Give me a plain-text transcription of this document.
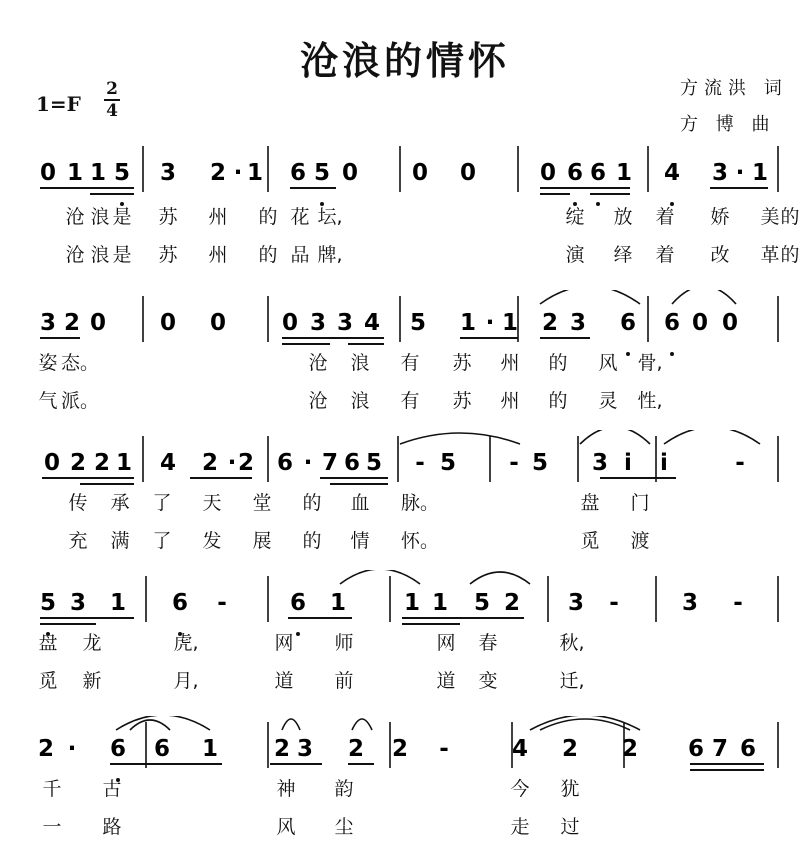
沧浪的情怀
方流洪 词
方 博 曲
1=F
2
4
0 1 1 5 3 2 · 1 6 5 0 0 0	0 6 6 1 4 3 · 1
沧 浪 是 苏 州 的 花 坛,	绽 放 着 娇 美 的
沧 浪 是 苏 州 的 品 牌,	演 绎 着 改 革 的
3 2 0 0 0 0 3 3 4 5 1 · 1 2 3 6 6 0 0
姿 态。	沧 浪 有 苏 州 的 风 骨,
气 派。	沧 浪 有 苏 州 的 灵 性,
0 2 2 1 4 2 · 2 6 · 7 6 5 - 5 - 5 3 i i	-
传 承 了 天 堂 的 血 脉。	盘 门
充 满 了 发 展 的 情 怀。	觅 渡
5 3 1 6 -	6 1	1 1 5 2 3 -	3 -
盘 龙	虎,	网 师	网 春	秋,
觅 新	月,	道 前	道 变	迁,
2 · 6 6 1 2 3 2 2 -	4 2 2 6 7 6
千 古	神 韵	今 犹
一 路	风 尘	走 过
